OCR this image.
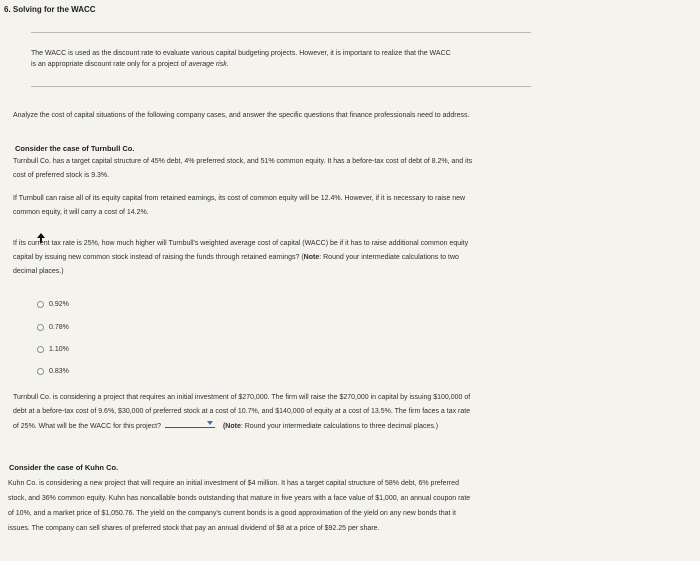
6. Solving for the WACC
The WACC is used as the discount rate to evaluate various capital budgeting projects. However, it is important to realize that the WACC
is an appropriate discount rate only for a project of average risk.
Analyze the cost of capital situations of the following company cases, and answer the specific questions that finance professionals need to address.
Consider the case of Turnbull Co.
Turnbull Co. has a target capital structure of 45% debt, 4% preferred stock, and 51% common equity. It has a before-tax cost of debt of 8.2%, and its
cost of preferred stock is 9.3%.
If Turnbull can raise all of its equity capital from retained earnings, its cost of common equity will be 12.4%. However, if it is necessary to raise new
common equity, it will carry a cost of 14.2%.
If its current tax rate is 25%, how much higher will Turnbull's weighted average cost of capital (WACC) be if it has to raise additional common equity
capital by issuing new common stock instead of raising the funds through retained earnings? (Note: Round your intermediate calculations to two
decimal places.)
0.92%
0.78%
1.10%
0.83%
Turnbull Co. is considering a project that requires an initial investment of $270,000. The firm will raise the $270,000 in capital by issuing $100,000 of
debt at a before-tax cost of 9.6%, $30,000 of preferred stock at a cost of 10.7%, and $140,000 of equity at a cost of 13.5%. The firm faces a tax rate
of 25%. What will be the WACC for this project?	(Note: Round your intermediate calculations to three decimal places.)
Consider the case of Kuhn Co.
Kuhn Co. is considering a new project that will require an initial investment of $4 million. It has a target capital structure of 58% debt, 6% preferred
stock, and 36% common equity. Kuhn has noncallable bonds outstanding that mature in five years with a face value of $1,000, an annual coupon rate
of 10%, and a market price of $1,050.76. The yield on the company's current bonds is a good approximation of the yield on any new bonds that it
issues. The company can sell shares of preferred stock that pay an annual dividend of $8 at a price of $92.25 per share.
